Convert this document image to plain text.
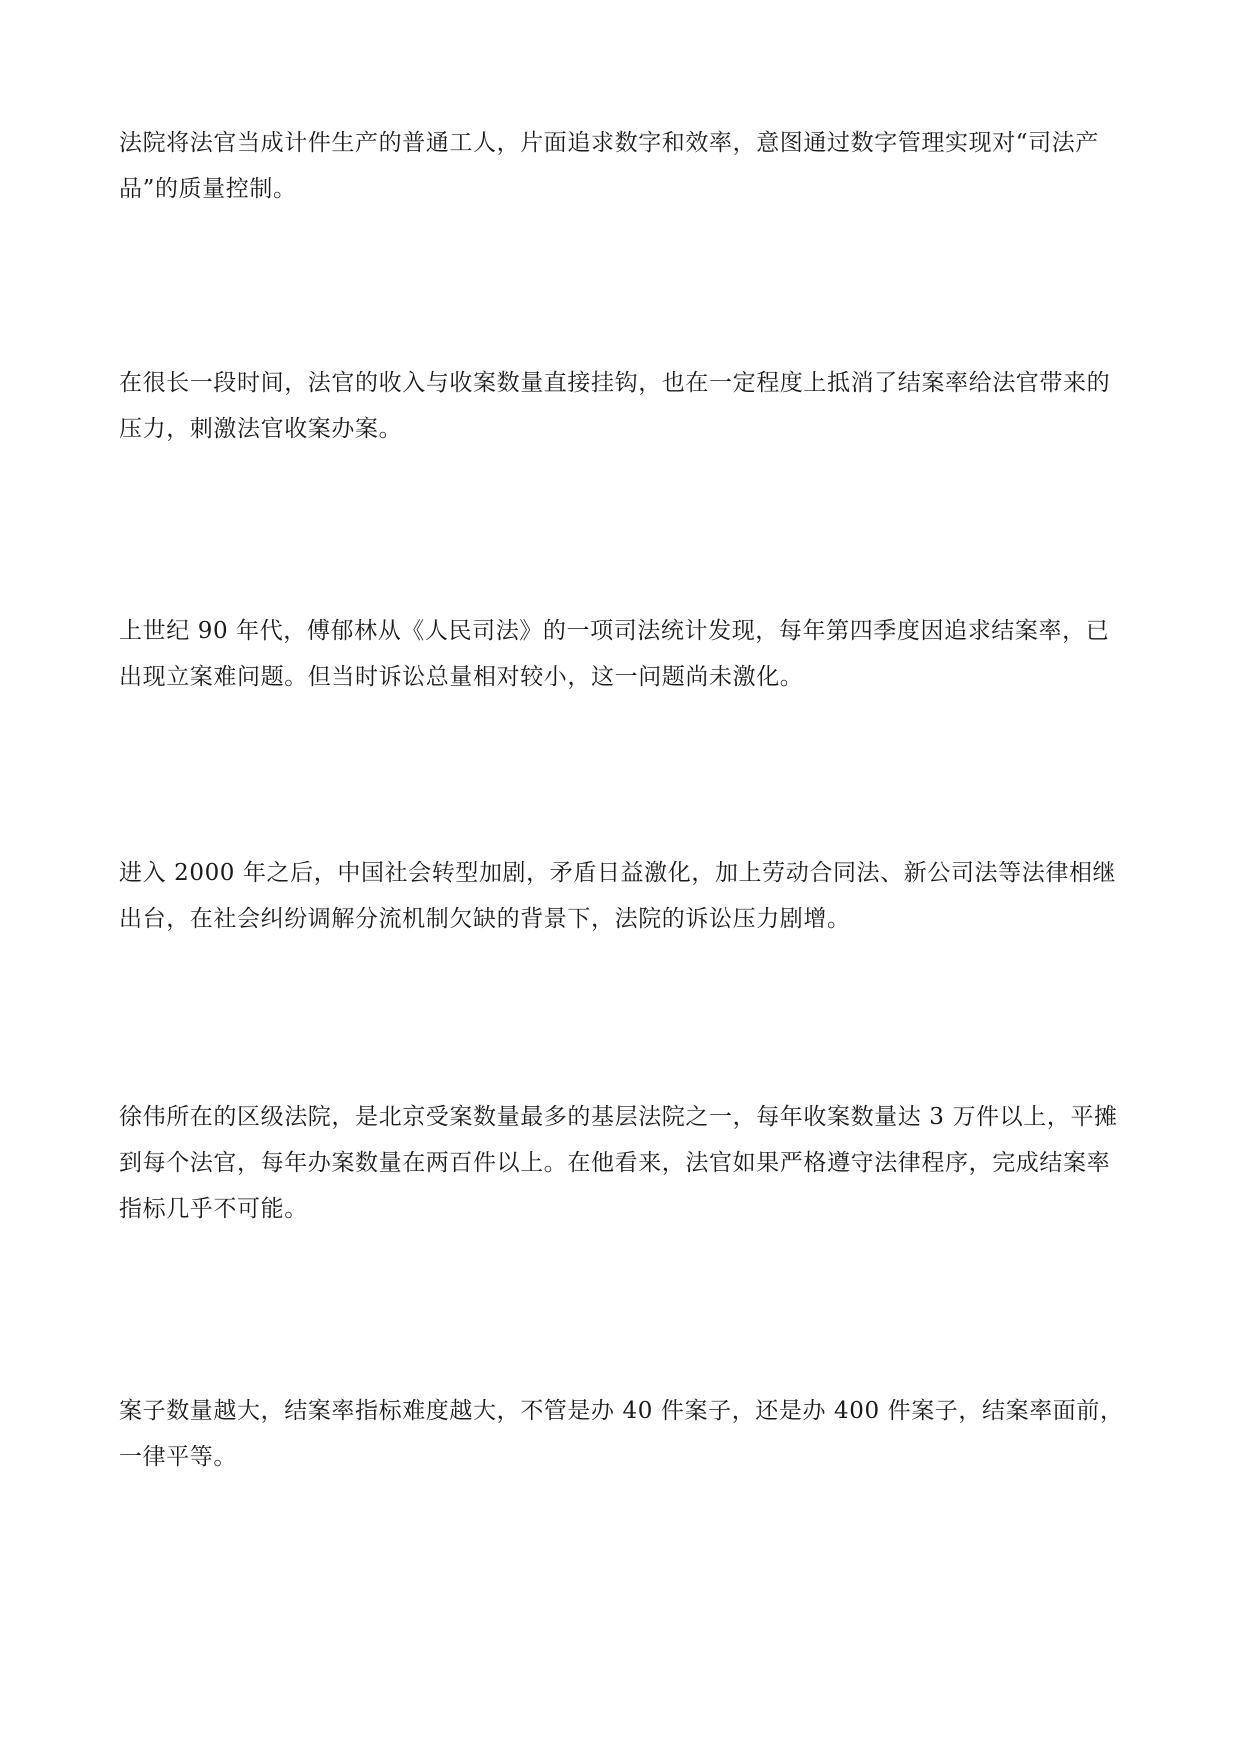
法院将法官当成计件生产的普通工人，片面追求数字和效率，意图通过数字管理实现对“司法产品”的质量控制。

在很长一段时间，法官的收入与收案数量直接挂钩，也在一定程度上抵消了结案率给法官带来的压力，刺激法官收案办案。

上世纪 90 年代，傅郁林从《人民司法》的一项司法统计发现，每年第四季度因追求结案率，已出现立案难问题。但当时诉讼总量相对较小，这一问题尚未激化。

进入 2000 年之后，中国社会转型加剧，矛盾日益激化，加上劳动合同法、新公司法等法律相继出台，在社会纠纷调解分流机制欠缺的背景下，法院的诉讼压力剧增。

徐伟所在的区级法院，是北京受案数量最多的基层法院之一，每年收案数量达 3 万件以上，平摊到每个法官，每年办案数量在两百件以上。在他看来，法官如果严格遵守法律程序，完成结案率指标几乎不可能。

案子数量越大，结案率指标难度越大，不管是办 40 件案子，还是办 400 件案子，结案率面前，一律平等。
